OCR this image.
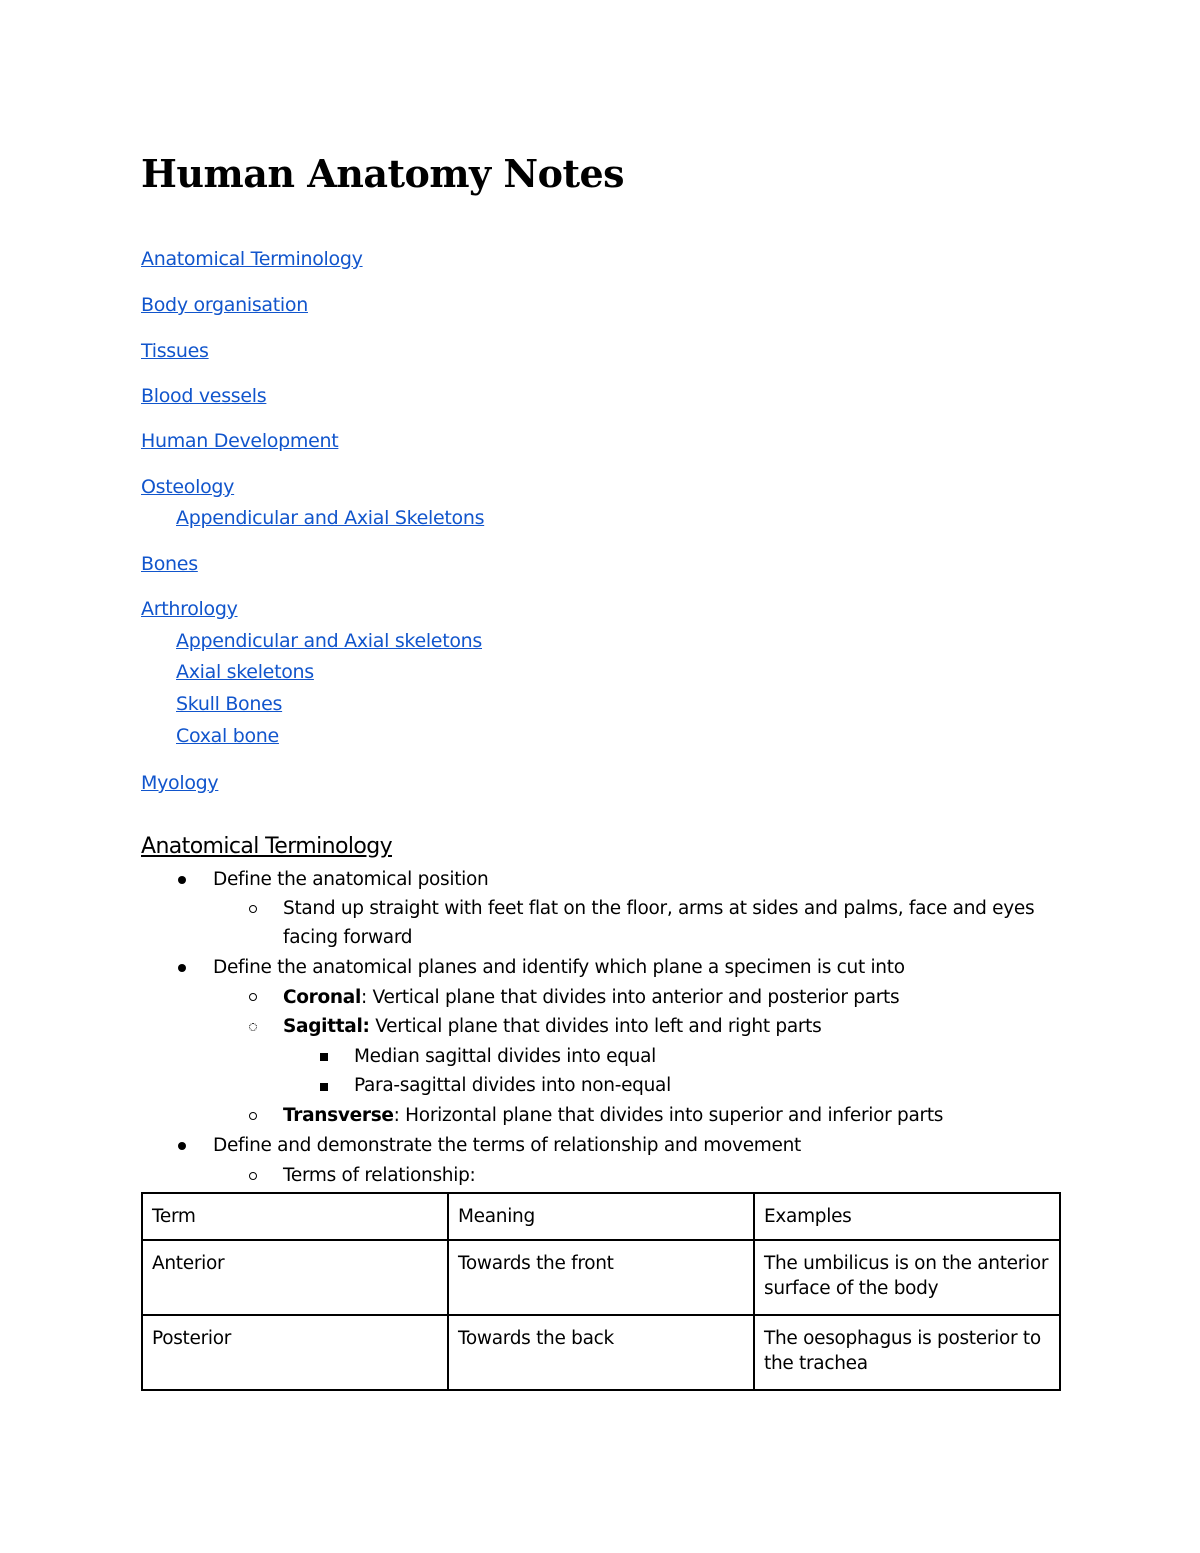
Human Anatomy Notes
Anatomical Terminology
Body organisation
Tissues
Blood vessels
Human Development
Osteology
Appendicular and Axial Skeletons
Bones
Arthrology
Appendicular and Axial skeletons
Axial skeletons
Skull Bones
Coxal bone
Myology
Anatomical Terminology
Define the anatomical position
Stand up straight with feet flat on the floor, arms at sides and palms, face and eyes
facing forward
Define the anatomical planes and identify which plane a specimen is cut into
Coronal: Vertical plane that divides into anterior and posterior parts
Sagittal: Vertical plane that divides into left and right parts
Median sagittal divides into equal
Para-sagittal divides into non-equal
Transverse: Horizontal plane that divides into superior and inferior parts
Define and demonstrate the terms of relationship and movement
Terms of relationship:
Term	Meaning	Examples
Anterior	Towards the front	The umbilicus is on the anterior surface of the body
Posterior	Towards the back	The oesophagus is posterior to the trachea
